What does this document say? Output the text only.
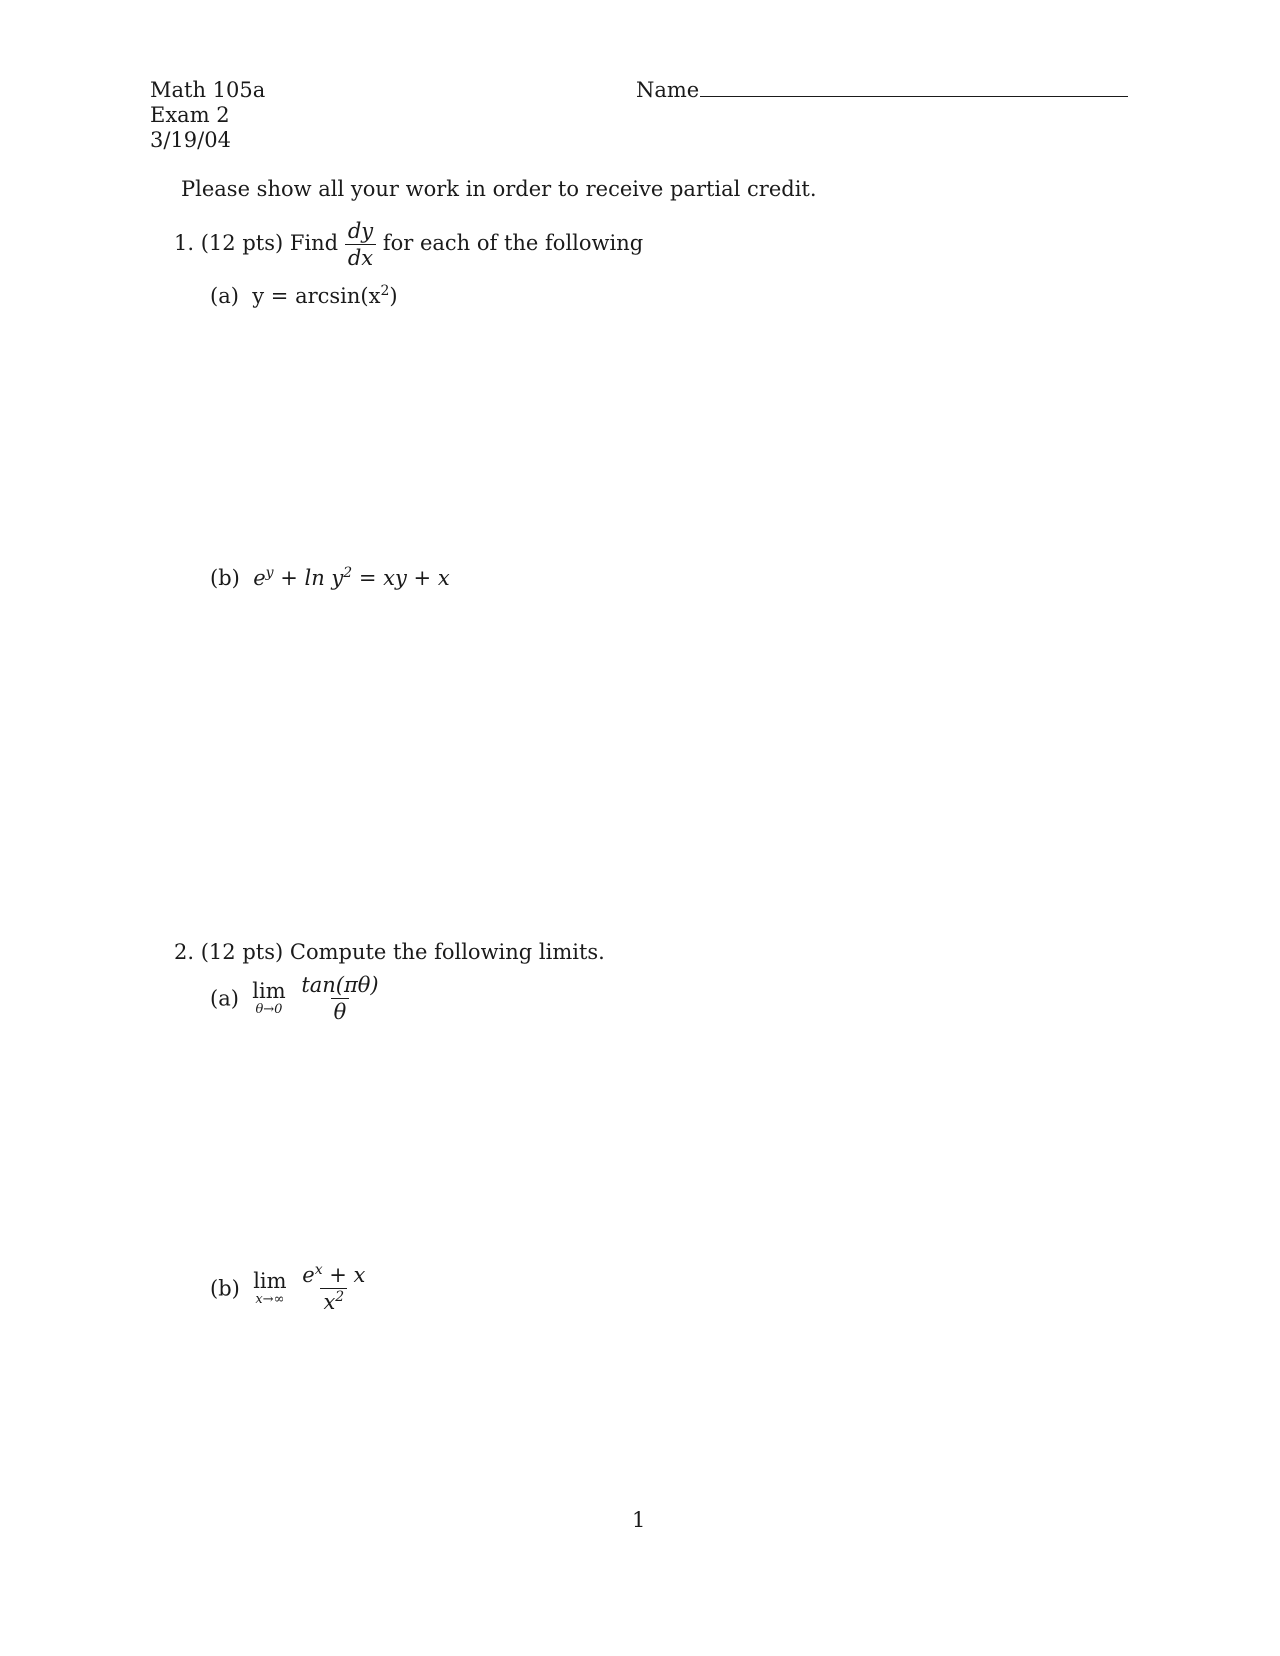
Math 105a
Exam 2
3/19/04
Name
Please show all your work in order to receive partial credit.
1. (12 pts) Find $\frac{dy}{dx}$ for each of the following
(a) $y = \arcsin(x^2)$
(b) $e^y + \ln y^2$ = xy + x
2. (12 pts) Compute the following limits.
(a) lim
θ→0
$\frac{\tan(\pi\theta)}{\theta}$
(b) lim
x→∞
$\frac{e^x + x}{x^2}$
1
